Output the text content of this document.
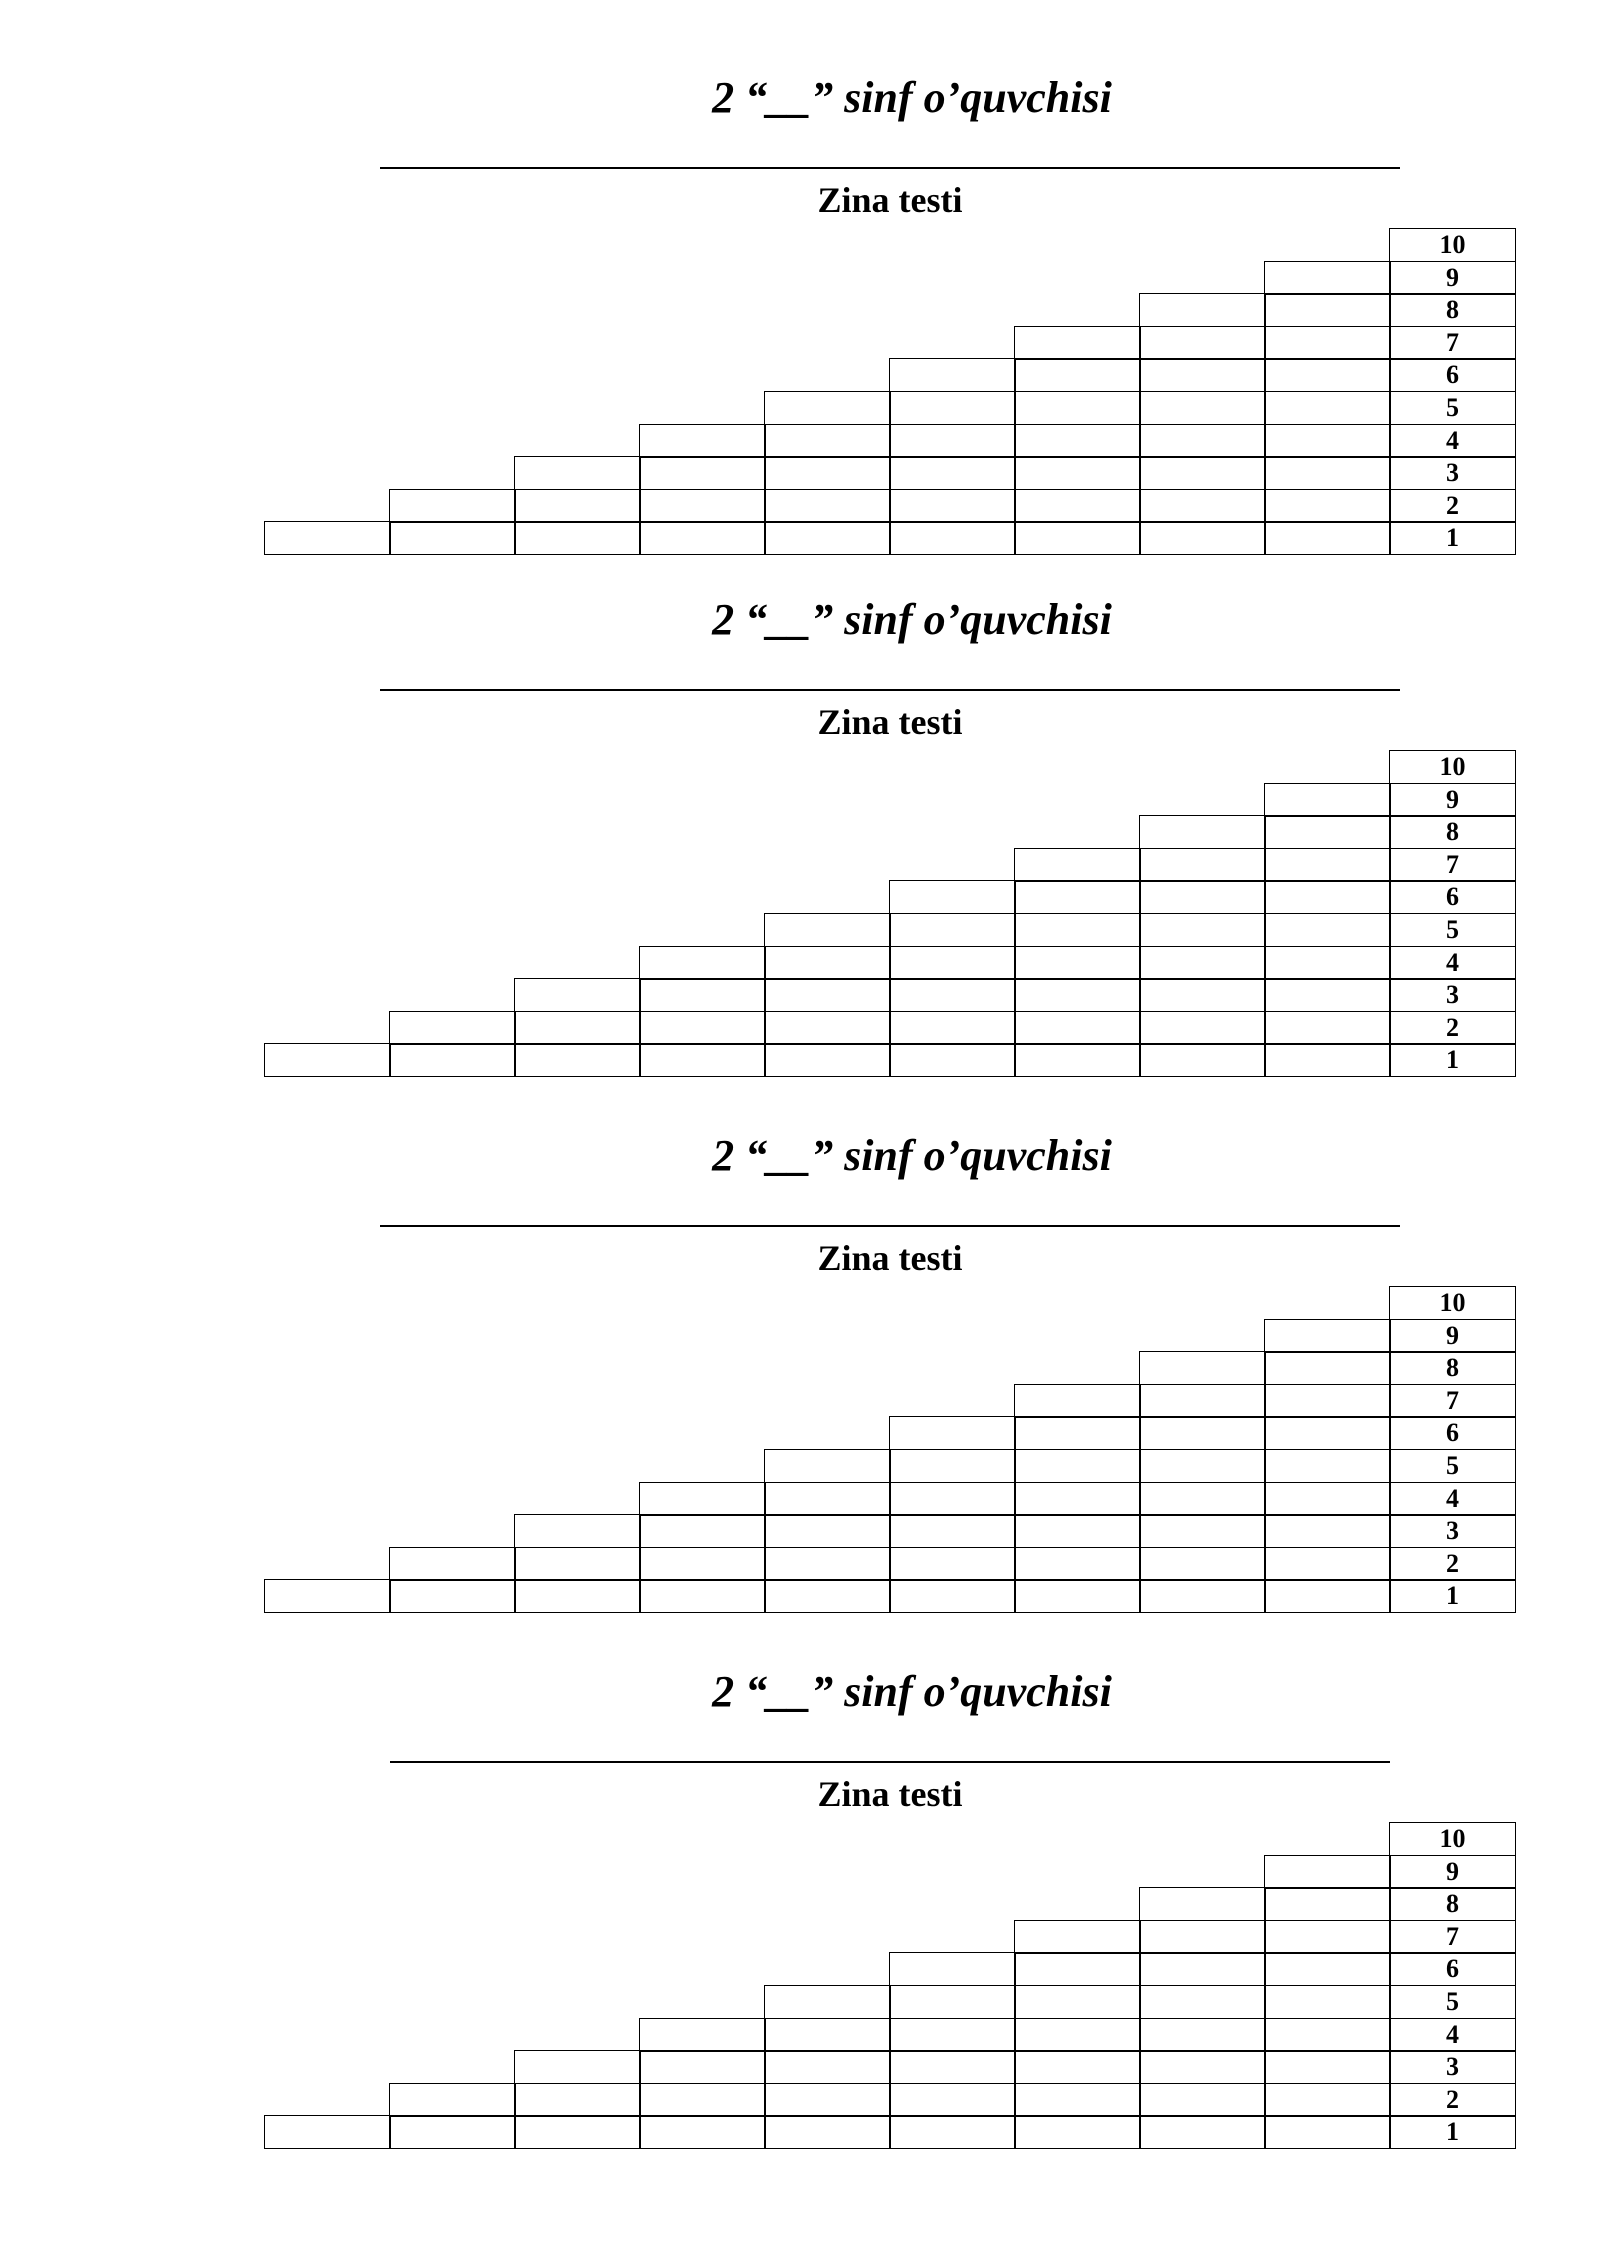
2 “__” sinf o’quvchisi
Zina testi
1
2
3
4
5
6
7
8
9
10
2 “__” sinf o’quvchisi
Zina testi
1
2
3
4
5
6
7
8
9
10
2 “__” sinf o’quvchisi
Zina testi
1
2
3
4
5
6
7
8
9
10
2 “__” sinf o’quvchisi
Zina testi
1
2
3
4
5
6
7
8
9
10
